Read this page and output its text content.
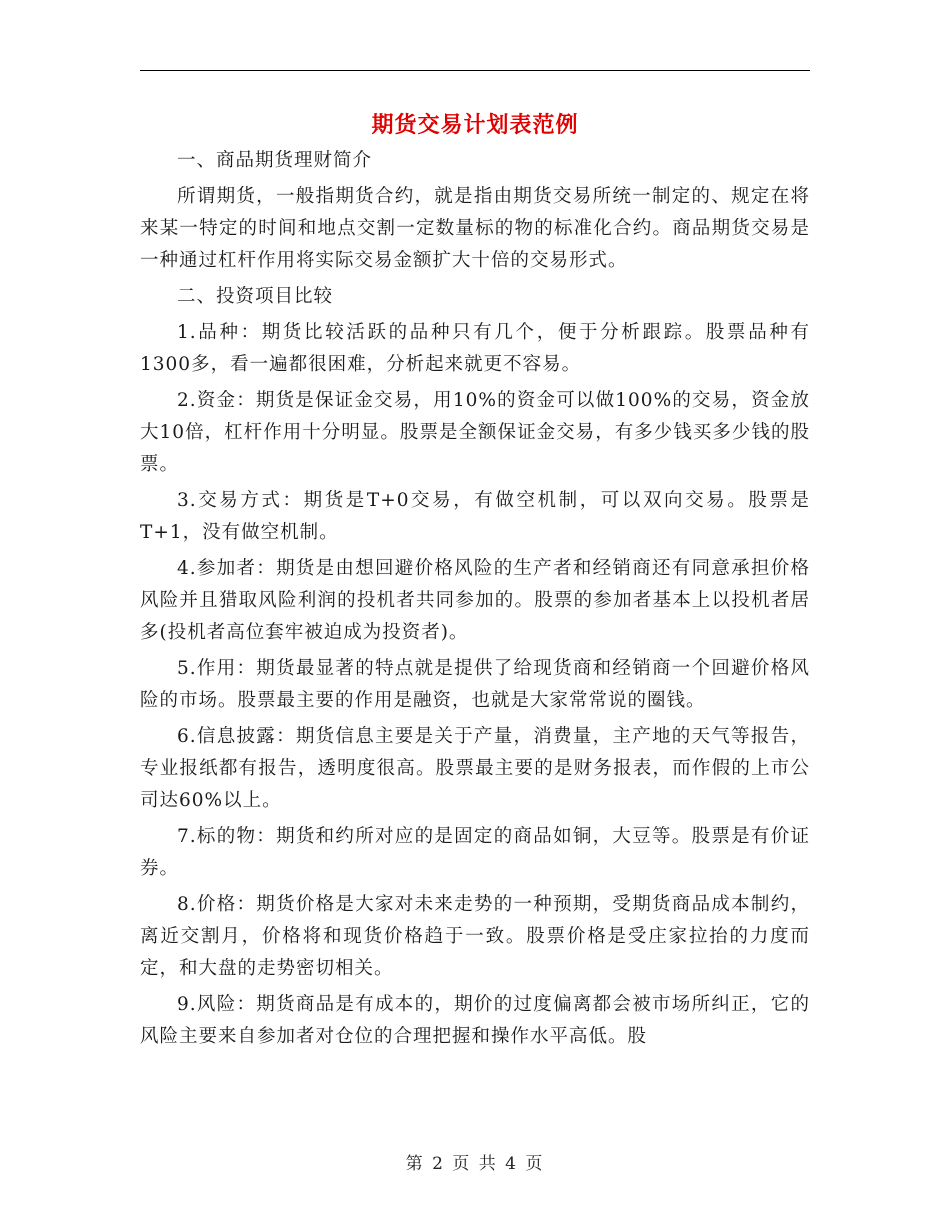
期货交易计划表范例

一、商品期货理财简介

所谓期货，一般指期货合约，就是指由期货交易所统一制定的、规定在将来某一特定的时间和地点交割一定数量标的物的标准化合约。商品期货交易是一种通过杠杆作用将实际交易金额扩大十倍的交易形式。

二、投资项目比较

1.品种：期货比较活跃的品种只有几个，便于分析跟踪。股票品种有1300多，看一遍都很困难，分析起来就更不容易。

2.资金：期货是保证金交易，用10%的资金可以做100%的交易，资金放大10倍，杠杆作用十分明显。股票是全额保证金交易，有多少钱买多少钱的股票。

3.交易方式：期货是T+0交易，有做空机制，可以双向交易。股票是T+1，没有做空机制。

4.参加者：期货是由想回避价格风险的生产者和经销商还有同意承担价格风险并且猎取风险利润的投机者共同参加的。股票的参加者基本上以投机者居多(投机者高位套牢被迫成为投资者)。

5.作用：期货最显著的特点就是提供了给现货商和经销商一个回避价格风险的市场。股票最主要的作用是融资，也就是大家常常说的圈钱。

6.信息披露：期货信息主要是关于产量，消费量，主产地的天气等报告，专业报纸都有报告，透明度很高。股票最主要的是财务报表，而作假的上市公司达60%以上。

7.标的物：期货和约所对应的是固定的商品如铜，大豆等。股票是有价证券。

8.价格：期货价格是大家对未来走势的一种预期，受期货商品成本制约，离近交割月，价格将和现货价格趋于一致。股票价格是受庄家拉抬的力度而定，和大盘的走势密切相关。

9.风险：期货商品是有成本的，期价的过度偏离都会被市场所纠正，它的风险主要来自参加者对仓位的合理把握和操作水平高低。股

第 2 页 共 4 页
